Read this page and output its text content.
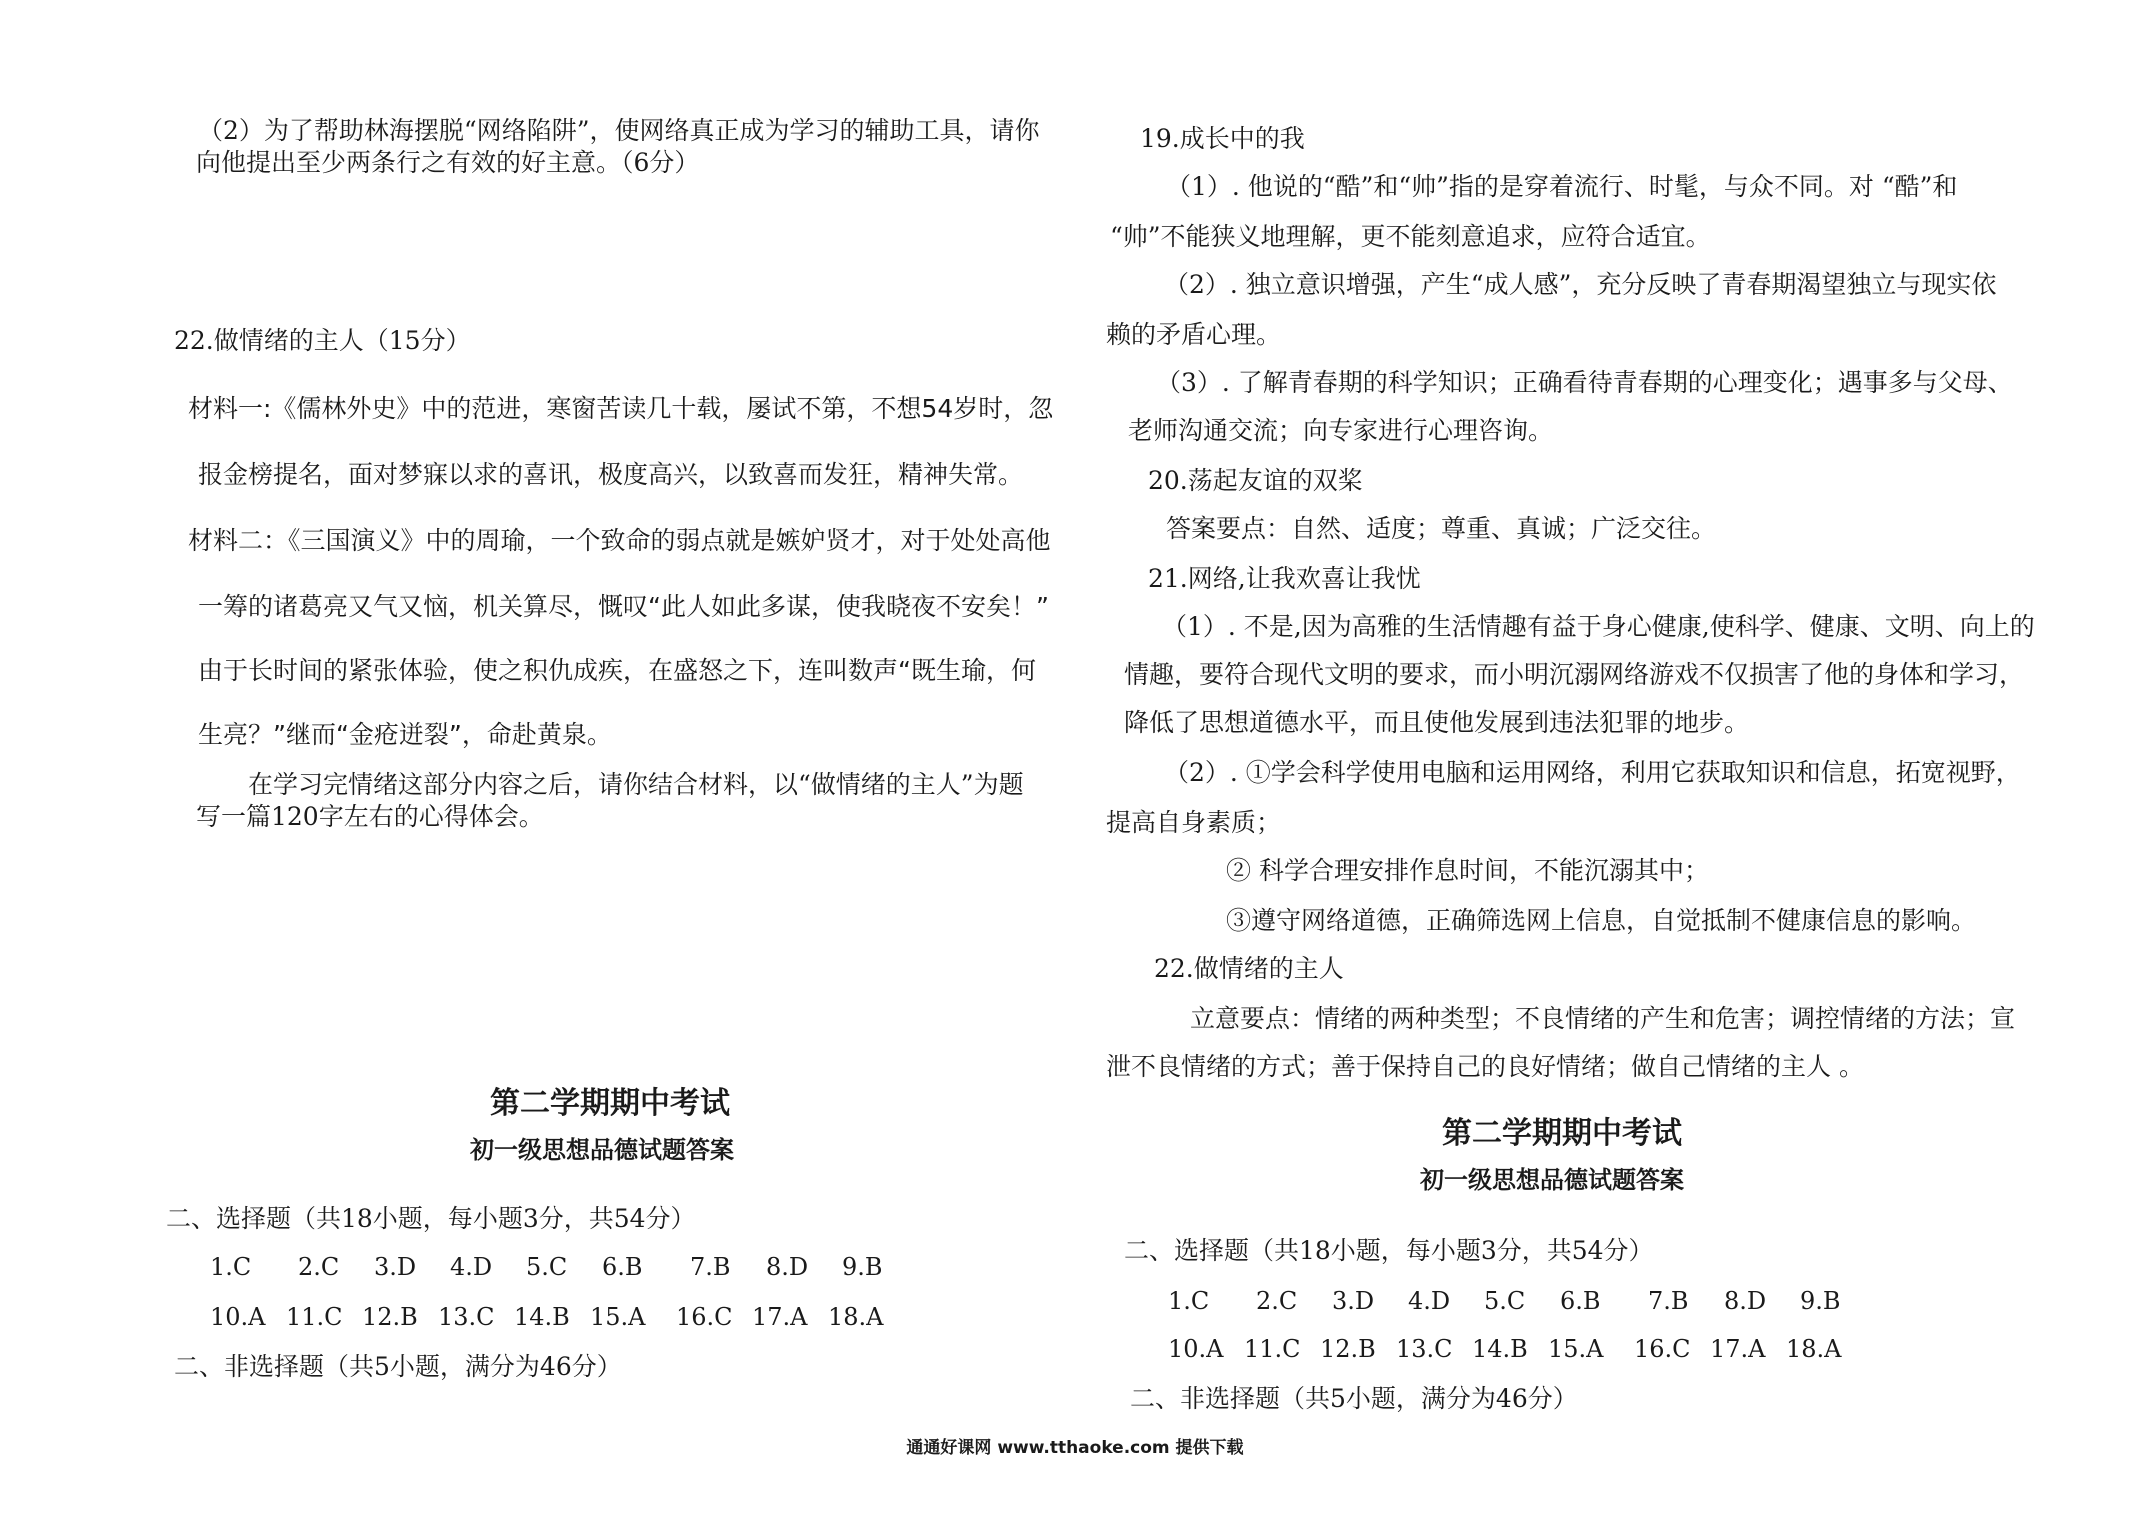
（2）为了帮助林海摆脱“网络陷阱”，使网络真正成为学习的辅助工具，请你
向他提出至少两条行之有效的好主意。（6分）
22.做情绪的主人（15分）
材料一:《儒林外史》中的范进，寒窗苦读几十载，屡试不第，不想54岁时，忽
报金榜提名，面对梦寐以求的喜讯，极度高兴，以致喜而发狂，精神失常。
材料二：《三国演义》中的周瑜，一个致命的弱点就是嫉妒贤才，对于处处高他
一筹的诸葛亮又气又恼，机关算尽，慨叹“此人如此多谋，使我晓夜不安矣！”
由于长时间的紧张体验，使之积仇成疾，在盛怒之下，连叫数声“既生瑜，何
生亮？”继而“金疮迸裂”，命赴黄泉。
在学习完情绪这部分内容之后，请你结合材料，以“做情绪的主人”为题
写一篇120字左右的心得体会。
第二学期期中考试
初一级思想品德试题答案
二、选择题（共18小题，每小题3分，共54分）
1.C 2.C 3.D 4.D 5.C 6.B 7.B 8.D 9.B
10.A 11.C 12.B 13.C 14.B 15.A 16.C 17.A 18.A
二、非选择题（共5小题，满分为46分）
19.成长中的我
（1）. 他说的“酷”和“帅”指的是穿着流行、时髦，与众不同。对 “酷”和
“帅”不能狭义地理解，更不能刻意追求，应符合适宜。
（2）. 独立意识增强，产生“成人感”，充分反映了青春期渴望独立与现实依
赖的矛盾心理。
（3）. 了解青春期的科学知识；正确看待青春期的心理变化；遇事多与父母、
老师沟通交流；向专家进行心理咨询。
20.荡起友谊的双桨
答案要点：自然、适度；尊重、真诚；广泛交往。
21.网络,让我欢喜让我忧
（1）. 不是,因为高雅的生活情趣有益于身心健康,使科学、健康、文明、向上的
情趣，要符合现代文明的要求，而小明沉溺网络游戏不仅损害了他的身体和学习，
降低了思想道德水平，而且使他发展到违法犯罪的地步。
（2）. ①学会科学使用电脑和运用网络，利用它获取知识和信息，拓宽视野，
提高自身素质；
② 科学合理安排作息时间，不能沉溺其中；
③遵守网络道德，正确筛选网上信息，自觉抵制不健康信息的影响。
22.做情绪的主人
立意要点：情绪的两种类型；不良情绪的产生和危害；调控情绪的方法；宣
泄不良情绪的方式；善于保持自己的良好情绪；做自己情绪的主人 。
第二学期期中考试
初一级思想品德试题答案
二、选择题（共18小题，每小题3分，共54分）
1.C 2.C 3.D 4.D 5.C 6.B 7.B 8.D 9.B
10.A 11.C 12.B 13.C 14.B 15.A 16.C 17.A 18.A
二、非选择题（共5小题，满分为46分）
通通好课网 www.tthaoke.com 提供下载
